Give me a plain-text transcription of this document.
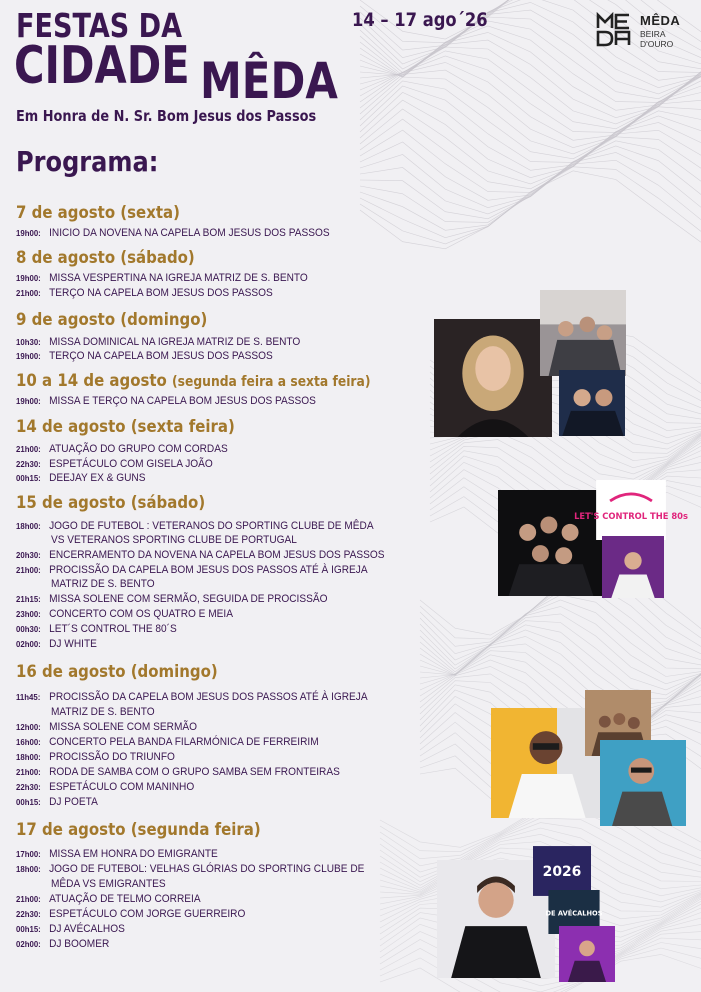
FESTAS DA
CIDADE MÊDA
Em Honra de N. Sr. Bom Jesus dos Passos
14 – 17 ago´26	MÊDA
BEIRA D'OURO
Programa:
7 de agosto (sexta)
19h00: INICIO DA NOVENA NA CAPELA BOM JESUS DOS PASSOS
8 de agosto (sábado)
19h00: MISSA VESPERTINA NA IGREJA MATRIZ DE S. BENTO
21h00: TERÇO NA CAPELA BOM JESUS DOS PASSOS
9 de agosto (domingo)
10h30: MISSA DOMINICAL NA IGREJA MATRIZ DE S. BENTO
19h00: TERÇO NA CAPELA BOM JESUS DOS PASSOS
10 a 14 de agosto (segunda feira a sexta feira)
19h00: MISSA E TERÇO NA CAPELA BOM JESUS DOS PASSOS
14 de agosto (sexta feira)
21h00: ATUAÇÃO DO GRUPO COM CORDAS
22h30: ESPETÁCULO COM GISELA JOÃO
00h15: DEEJAY EX & GUNS
15 de agosto (sábado)
18h00: JOGO DE FUTEBOL : VETERANOS DO SPORTING CLUBE DE MÊDA
VS VETERANOS SPORTING CLUBE DE PORTUGAL
20h30: ENCERRAMENTO DA NOVENA NA CAPELA BOM JESUS DOS PASSOS
21h00: PROCISSÃO DA CAPELA BOM JESUS DOS PASSOS ATÉ À IGREJA
MATRIZ DE S. BENTO
21h15: MISSA SOLENE COM SERMÃO, SEGUIDA DE PROCISSÃO
23h00: CONCERTO COM OS QUATRO E MEIA
00h30: LET´S CONTROL THE 80´S
02h00: DJ WHITE
16 de agosto (domingo)
11h45: PROCISSÃO DA CAPELA BOM JESUS DOS PASSOS ATÉ À IGREJA
MATRIZ DE S. BENTO
12h00: MISSA SOLENE COM SERMÃO
16h00: CONCERTO PELA BANDA FILARMÓNICA DE FERREIRIM
18h00: PROCISSÃO DO TRIUNFO
21h00: RODA DE SAMBA COM O GRUPO SAMBA SEM FRONTEIRAS
22h30: ESPETÁCULO COM MANINHO
00h15: DJ POETA
17 de agosto (segunda feira)
17h00: MISSA EM HONRA DO EMIGRANTE
18h00: JOGO DE FUTEBOL: VELHAS GLÓRIAS DO SPORTING CLUBE DE
MÊDA VS EMIGRANTES
21h00: ATUAÇÃO DE TELMO CORREIA
22h30: ESPETÁCULO COM JORGE GUERREIRO
00h15: DJ AVÉCALHOS
02h00: DJ BOOMER
LET'S CONTROL THE 80s
2026
DE AVÉCALHOS
